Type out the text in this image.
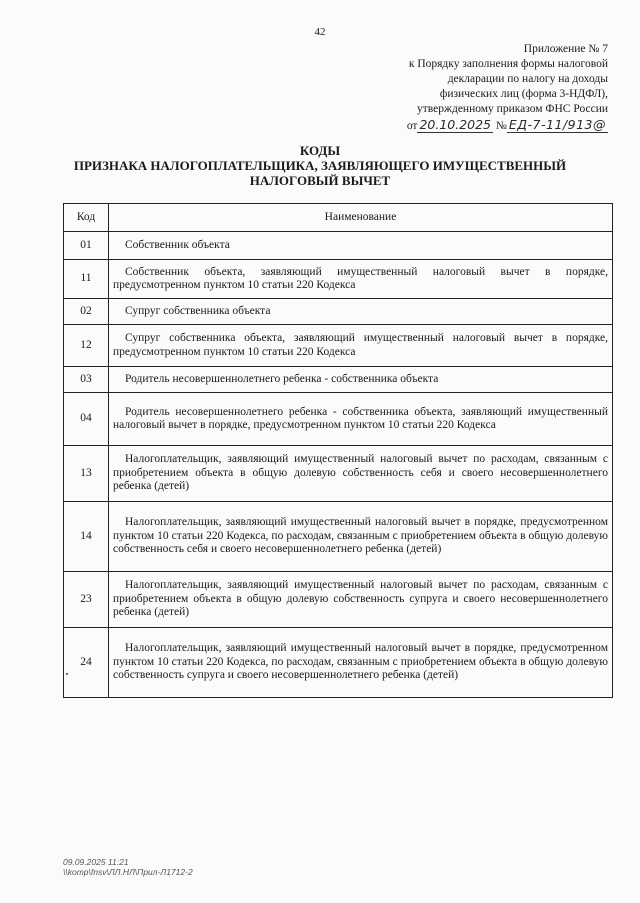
42
Приложение № 7
к Порядку заполнения формы налоговой
декларации по налогу на доходы
физических лиц (форма 3-НДФЛ),
утвержденному приказом ФНС России
от 20.10.2025 № ЕД-7-11/913@
КОДЫ
ПРИЗНАКА НАЛОГОПЛАТЕЛЬЩИКА, ЗАЯВЛЯЮЩЕГО ИМУЩЕСТВЕННЫЙ
НАЛОГОВЫЙ ВЫЧЕТ
Код	Наименование
01	Собственник объекта
11	Собственник объекта, заявляющий имущественный налоговый вычет в порядке, предусмотренном пунктом 10 статьи 220 Кодекса
02	Супруг собственника объекта
12	Супруг собственника объекта, заявляющий имущественный налоговый вычет в порядке, предусмотренном пунктом 10 статьи 220 Кодекса
03	Родитель несовершеннолетнего ребенка - собственника объекта
04	Родитель несовершеннолетнего ребенка - собственника объекта, заявляющий имущественный налоговый вычет в порядке, предусмотренном пунктом 10 статьи 220 Кодекса
13	Налогоплательщик, заявляющий имущественный налоговый вычет по расходам, связанным с приобретением объекта в общую долевую собственность себя и своего несовершеннолетнего ребенка (детей)
14	Налогоплательщик, заявляющий имущественный налоговый вычет в порядке, предусмотренном пунктом 10 статьи 220 Кодекса, по расходам, связанным с приобретением объекта в общую долевую собственность себя и своего несовершеннолетнего ребенка (детей)
23	Налогоплательщик, заявляющий имущественный налоговый вычет по расходам, связанным с приобретением объекта в общую долевую собственность супруга и своего несовершеннолетнего ребенка (детей)
24	Налогоплательщик, заявляющий имущественный налоговый вычет в порядке, предусмотренном пунктом 10 статьи 220 Кодекса, по расходам, связанным с приобретением объекта в общую долевую собственность супруга и своего несовершеннолетнего ребенка (детей)
09.09.2025 11:21
\\komp\fnsv\ЛЛ.НЛ\Прил-Л1712-2
